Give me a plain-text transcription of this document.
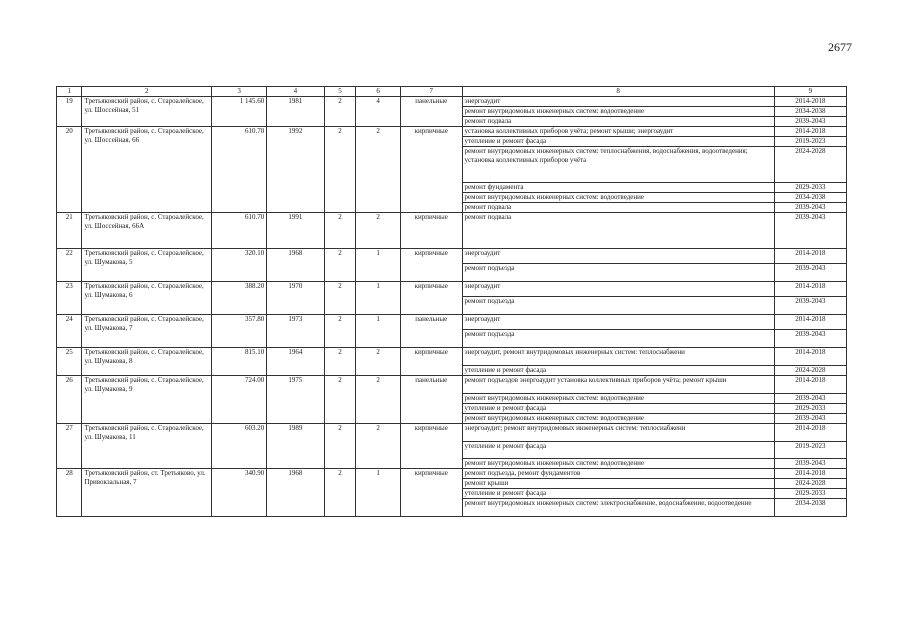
2677
1	2	3	4	5	6	7	8	9
19	Третьяковский район, с. Староалейское, ул. Шоссейная, 51	1 145.60	1981	2	4	панельные	энергоаудит	2014-2018
							ремонт внутридомовых инженерных систем: водоотведение	2034-2038
							ремонт подвала	2039-2043
20	Третьяковский район, с. Староалейское, ул. Шоссейная, 66	610.70	1992	2	2	кирпичные	установка коллективных приборов учёта; ремонт крыши; энергоаудит	2014-2018
							утепление и ремонт фасада	2019-2023
							ремонт внутридомовых инженерных систем: теплоснабжения, водоснабжения, водоотведения; установка коллективных приборов учёта	2024-2028
							ремонт фундамента	2029-2033
							ремонт внутридомовых инженерных систем: водоотведение	2034-2038
							ремонт подвала	2039-2043
21	Третьяковский район, с. Староалейское, ул. Шоссейная, 66А	610.70	1991	2	2	кирпичные	ремонт подвала	2039-2043
22	Третьяковский район, с. Староалейское, ул. Шумакова, 5	320.10	1968	2	1	кирпичные	энергоаудит	2014-2018
							ремонт подъезда	2039-2043
23	Третьяковский район, с. Староалейское, ул. Шумакова, 6	388.20	1970	2	1	кирпичные	энергоаудит	2014-2018
							ремонт подъезда	2039-2043
24	Третьяковский район, с. Староалейское, ул. Шумакова, 7	357.80	1973	2	1	панельные	энергоаудит	2014-2018
							ремонт подъезда	2039-2043
25	Третьяковский район, с. Староалейское, ул. Шумакова, 8	815.10	1964	2	2	кирпичные	энергоаудит, ремонт внутридомовых инженерных систем: теплоснабжени	2014-2018
							утепление и ремонт фасада	2024-2028
26	Третьяковский район, с. Староалейское, ул. Шумакова, 9	724.00	1975	2	2	панельные	ремонт подъездов энергоаудит установка коллективных приборов учёта; ремонт крыши	2014-2018
							ремонт внутридомовых инженерных систем: водоотведение	2039-2043
							утепление и ремонт фасада	2029-2033
							ремонт внутридомовых инженерных систем: водоотведение	2039-2043
27	Третьяковский район, с. Староалейское, ул. Шумакова, 11	603.20	1989	2	2	кирпичные	энергоаудит; ремонт внутридомовых инженерных систем: теплоснабжени	2014-2018
							утепление и ремонт фасада	2019-2023
							ремонт внутридомовых инженерных систем: водоотведение	2039-2043
28	Третьяковский район, ст. Третьяково, ул. Привокзальная, 7	340.90	1968	2	1	кирпичные	ремонт подъезда, ремонт фундаментов	2014-2018
							ремонт крыши	2024-2028
							утепление и ремонт фасада	2029-2033
							ремонт внутридомовых инженерных систем: электроснабжение, водоснабжение, водоотведение	2034-2038
